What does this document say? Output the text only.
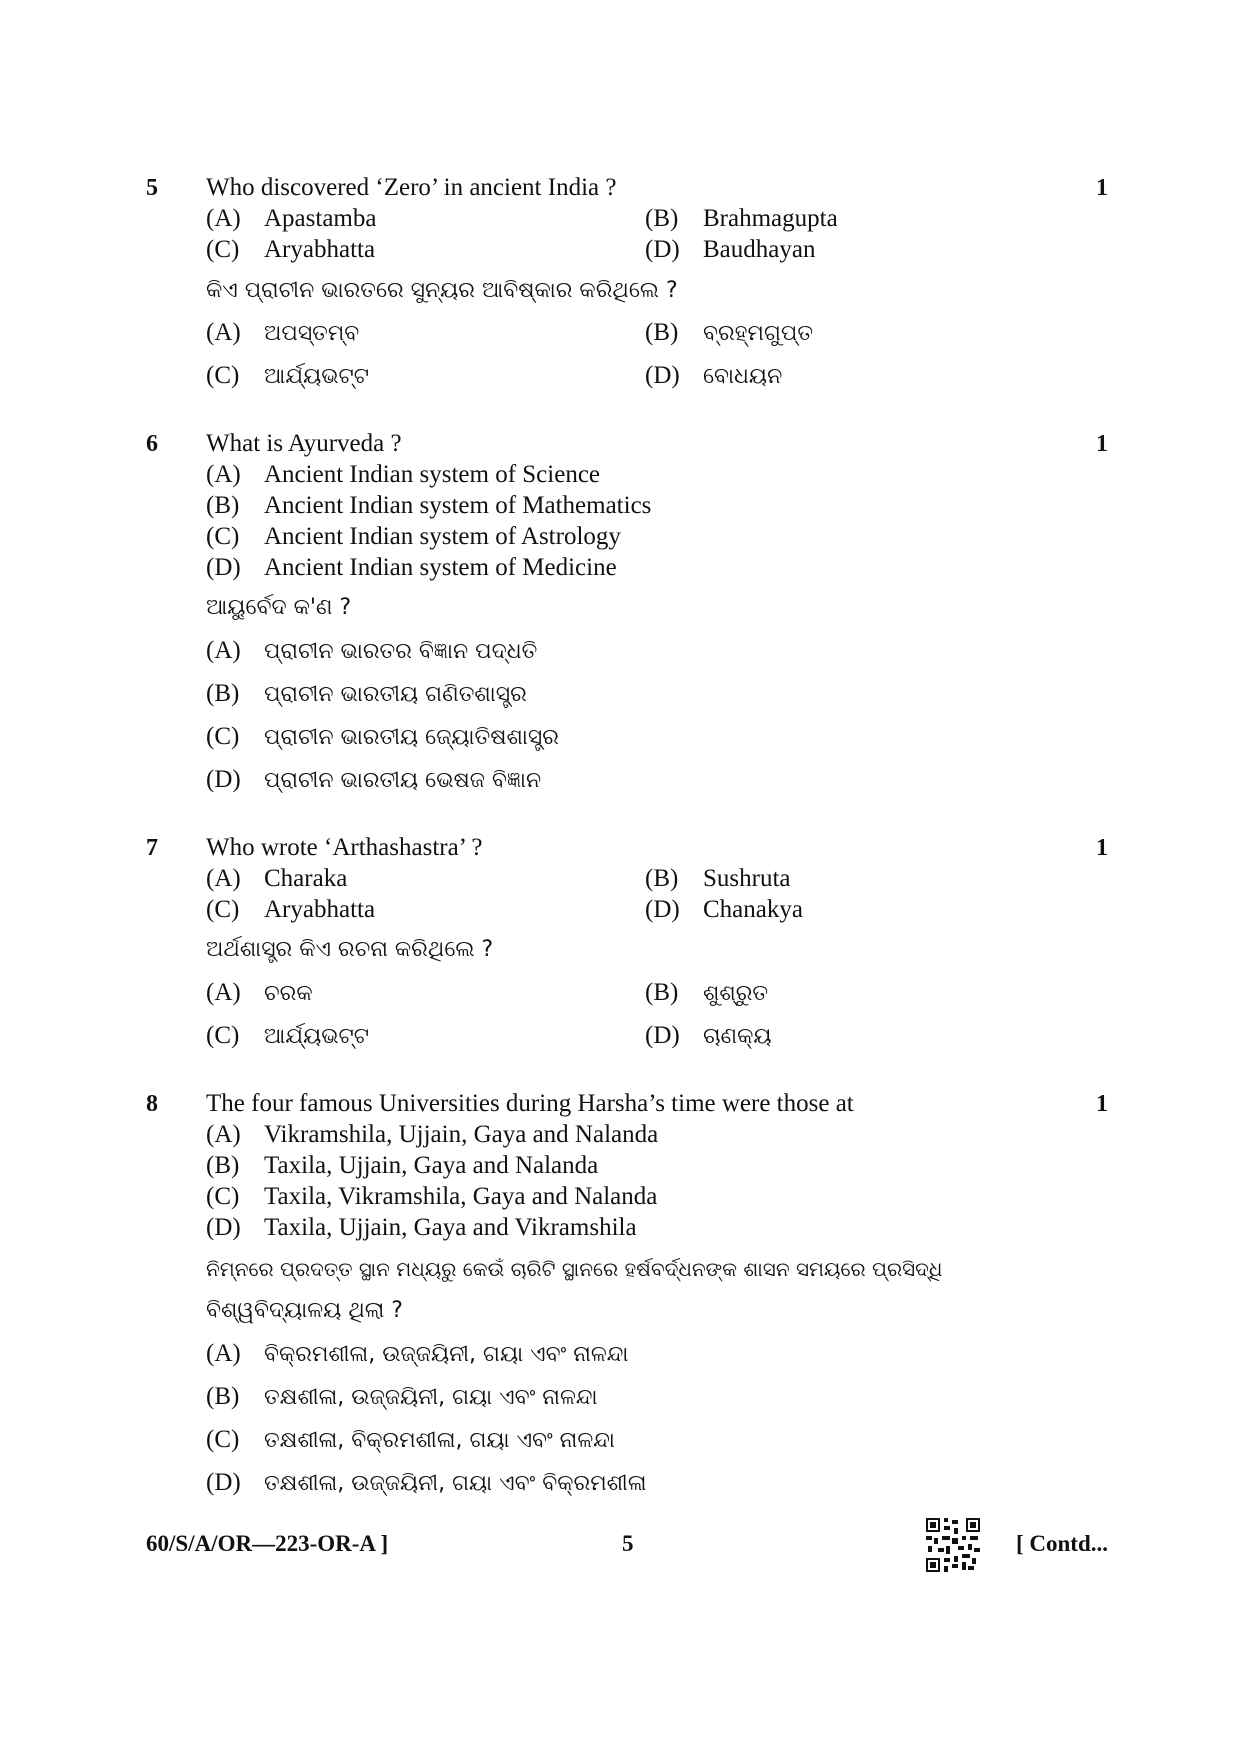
5 Who discovered ‘Zero’ in ancient India ?	1
(A) Apastamba	(B) Brahmagupta
(C) Aryabhatta	(D) Baudhayan
କିଏ ପ୍ରାଚୀନ ଭାରତରେ ସୁନ୍ୟର ଆବିଷ୍କାର କରିଥିଲେ ?
(A) ଅପସ୍ତମ୍ବ	(B) ବ୍ରହ୍ମଗୁପ୍ତ
(C) ଆର୍ଯ୍ୟଭଟ୍ଟ	(D) ବୋଧୟନ
6 What is Ayurveda ?	1
(A) Ancient Indian system of Science
(B) Ancient Indian system of Mathematics
(C) Ancient Indian system of Astrology
(D) Ancient Indian system of Medicine
ଆୟୁର୍ବେଦ କ'ଣ ?
(A) ପ୍ରାଚୀନ ଭାରତର ବିଜ୍ଞାନ ପଦ୍ଧତି
(B) ପ୍ରାଚୀନ ଭାରତୀୟ ଗଣିତଶାସ୍ତ୍ର
(C) ପ୍ରାଚୀନ ଭାରତୀୟ ଜ୍ୟୋତିଷଶାସ୍ତ୍ର
(D) ପ୍ରାଚୀନ ଭାରତୀୟ ଭେଷଜ ବିଜ୍ଞାନ
7 Who wrote ‘Arthashastra’ ?	1
(A) Charaka	(B) Sushruta
(C) Aryabhatta	(D) Chanakya
ଅର୍ଥଶାସ୍ତ୍ର କିଏ ରଚନା କରିଥିଲେ ?
(A) ଚରକ	(B) ଶୁଶ୍ରୁତ
(C) ଆର୍ଯ୍ୟଭଟ୍ଟ	(D) ଚାଣକ୍ୟ
8 The four famous Universities during Harsha’s time were those at	1
(A) Vikramshila, Ujjain, Gaya and Nalanda
(B) Taxila, Ujjain, Gaya and Nalanda
(C) Taxila, Vikramshila, Gaya and Nalanda
(D) Taxila, Ujjain, Gaya and Vikramshila
ନିମ୍ନରେ ପ୍ରଦତ୍ତ ସ୍ଥାନ ମଧ୍ୟରୁ କେଉଁ ଚାରିଟି ସ୍ଥାନରେ ହର୍ଷବର୍ଦ୍ଧନଙ୍କ ଶାସନ ସମୟରେ ପ୍ରସିଦ୍ଧି
ବିଶ୍ୱବିଦ୍ୟାଳୟ ଥିଲା ?
(A) ବିକ୍ରମଶୀଳା, ଉଜ୍ଜୟିନୀ, ଗୟା ଏବଂ ନାଳନ୍ଦା
(B) ତକ୍ଷଶୀଳା, ଉଜ୍ଜୟିନୀ, ଗୟା ଏବଂ ନାଳନ୍ଦା
(C) ତକ୍ଷଶୀଳା, ବିକ୍ରମଶୀଳା, ଗୟା ଏବଂ ନାଳନ୍ଦା
(D) ତକ୍ଷଶୀଳା, ଉଜ୍ଜୟିନୀ, ଗୟା ଏବଂ ବିକ୍ରମଶୀଳା
60/S/A/OR—223-OR-A ]	5	[ Contd...
